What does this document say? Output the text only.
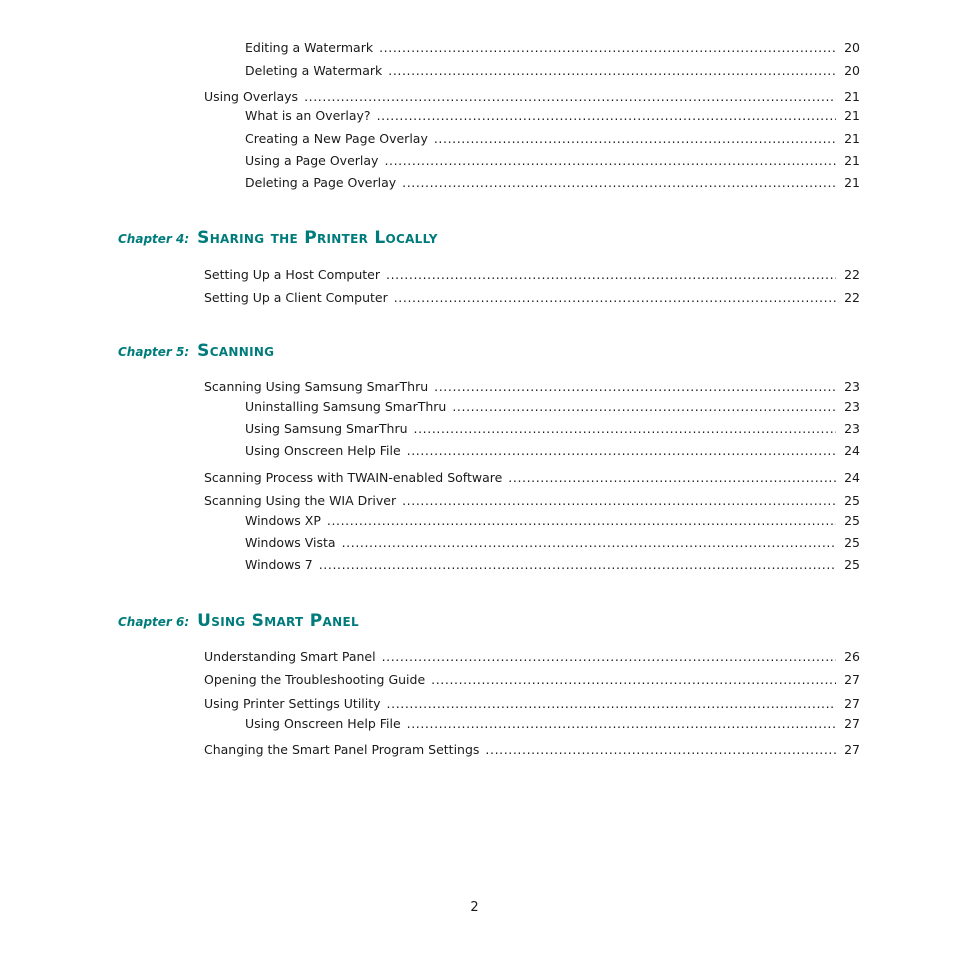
Editing a Watermark .....	20
Deleting a Watermark .....	20
Using Overlays .....	21
What is an Overlay? .....	21
Creating a New Page Overlay .....	21
Using a Page Overlay .....	21
Deleting a Page Overlay .....	21
Chapter 4: Sharing the Printer Locally
Setting Up a Host Computer .....	22
Setting Up a Client Computer .....	22
Chapter 5: Scanning
Scanning Using Samsung SmarThru .....	23
Uninstalling Samsung SmarThru .....	23
Using Samsung SmarThru .....	23
Using Onscreen Help File .....	24
Scanning Process with TWAIN-enabled Software .....	24
Scanning Using the WIA Driver .....	25
Windows XP .....	25
Windows Vista .....	25
Windows 7 .....	25
Chapter 6: Using Smart Panel
Understanding Smart Panel .....	26
Opening the Troubleshooting Guide .....	27
Using Printer Settings Utility .....	27
Using Onscreen Help File .....	27
Changing the Smart Panel Program Settings .....	27
2
